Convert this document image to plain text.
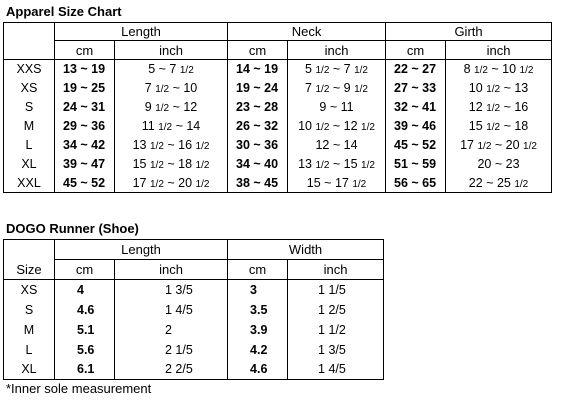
Apparel Size Chart
	Length		Neck		Girth	
	cm	inch	cm	inch	cm	inch
XXS	13 ~ 19	5 ~ 7 1/2	14 ~ 19	5 1/2 ~ 7 1/2	22 ~ 27	8 1/2 ~ 10 1/2
XS	19 ~ 25	7 1/2 ~ 10	19 ~ 24	7 1/2 ~ 9 1/2	27 ~ 33	10 1/2 ~ 13
S	24 ~ 31	9 1/2 ~ 12	23 ~ 28	9 ~ 11	32 ~ 41	12 1/2 ~ 16
M	29 ~ 36	11 1/2 ~ 14	26 ~ 32	10 1/2 ~ 12 1/2	39 ~ 46	15 1/2 ~ 18
L	34 ~ 42	13 1/2 ~ 16 1/2	30 ~ 36	12 ~ 14	45 ~ 52	17 1/2 ~ 20 1/2
XL	39 ~ 47	15 1/2 ~ 18 1/2	34 ~ 40	13 1/2 ~ 15 1/2	51 ~ 59	20 ~ 23
XXL	45 ~ 52	17 1/2 ~ 20 1/2	38 ~ 45	15 ~ 17 1/2	56 ~ 65	22 ~ 25 1/2
DOGO Runner (Shoe)
	Length		Width	
Size	cm	inch	cm	inch
XS	4	1 3/5	3	1 1/5
S	4.6	1 4/5	3.5	1 2/5
M	5.1	2	3.9	1 1/2
L	5.6	2 1/5	4.2	1 3/5
XL	6.1	2 2/5	4.6	1 4/5
*Inner sole measurement
